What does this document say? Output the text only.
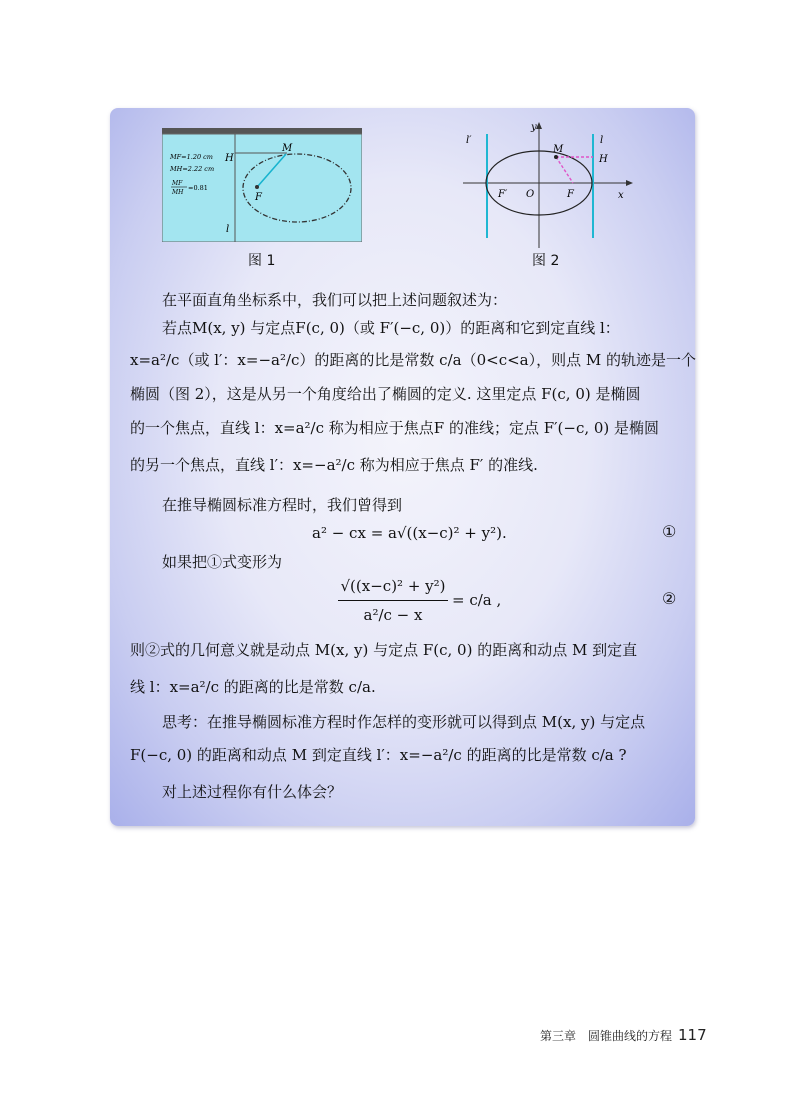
MF=1.20 cm
MH=2.22 cm
MF
MH
=0.81
H
M
F
l
图 1
l′	l
y
x
M
H
F′ O	F
图 2
在平面直角坐标系中，我们可以把上述问题叙述为：
若点M(x, y) 与定点F(c, 0)（或 F′(−c, 0)）的距离和它到定直线 l：
x=a²/c（或 l′：x=−a²/c）的距离的比是常数 c/a（0<c<a），则点 M 的轨迹是一个
椭圆（图 2），这是从另一个角度给出了椭圆的定义. 这里定点 F(c, 0) 是椭圆
的一个焦点，直线 l：x=a²/c 称为相应于焦点F 的准线；定点 F′(−c, 0) 是椭圆
的另一个焦点，直线 l′：x=−a²/c 称为相应于焦点 F′ 的准线.
在推导椭圆标准方程时，我们曾得到
a² − cx = a√((x−c)² + y²).	①
如果把①式变形为
√((x−c)² + y²)
a²/c − x
= c/a ,	②
则②式的几何意义就是动点 M(x, y) 与定点 F(c, 0) 的距离和动点 M 到定直
线 l：x=a²/c 的距离的比是常数 c/a.
思考：在推导椭圆标准方程时作怎样的变形就可以得到点 M(x, y) 与定点
F(−c, 0) 的距离和动点 M 到定直线 l′：x=−a²/c 的距离的比是常数 c/a ?
对上述过程你有什么体会？
第三章　圆锥曲线的方程 117
